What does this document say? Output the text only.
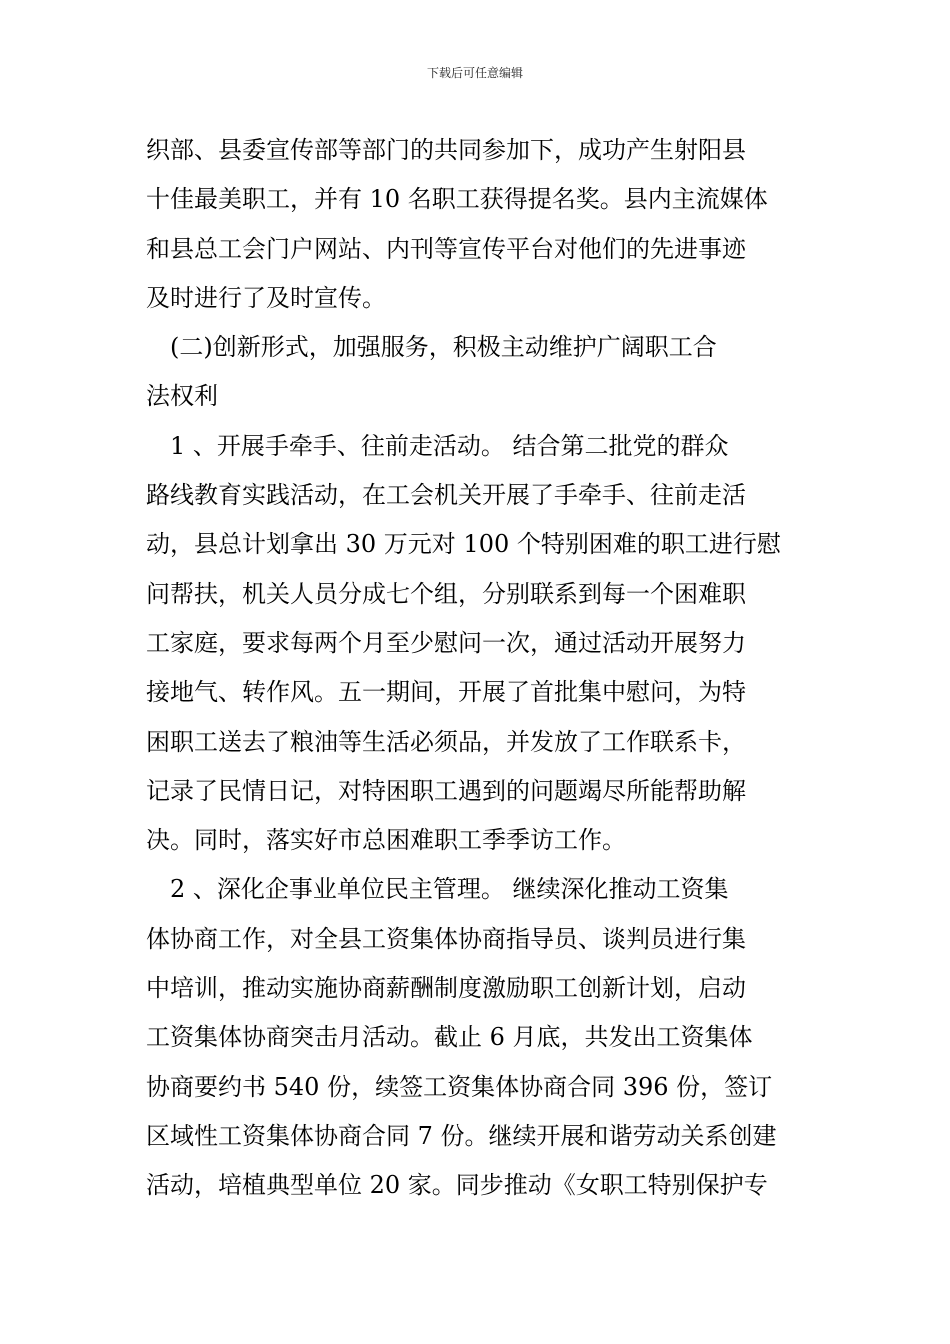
下载后可任意编辑
织部、县委宣传部等部门的共同参加下，成功产生射阳县
十佳最美职工，并有 10 名职工获得提名奖。县内主流媒体
和县总工会门户网站、内刊等宣传平台对他们的先进事迹
及时进行了及时宣传。
　(二)创新形式，加强服务，积极主动维护广阔职工合
法权利
　1 、开展手牵手、往前走活动。 结合第二批党的群众
路线教育实践活动，在工会机关开展了手牵手、往前走活
动，县总计划拿出 30 万元对 100 个特别困难的职工进行慰
问帮扶，机关人员分成七个组，分别联系到每一个困难职
工家庭，要求每两个月至少慰问一次，通过活动开展努力
接地气、转作风。五一期间，开展了首批集中慰问，为特
困职工送去了粮油等生活必须品，并发放了工作联系卡，
记录了民情日记，对特困职工遇到的问题竭尽所能帮助解
决。同时，落实好市总困难职工季季访工作。
　2 、深化企事业单位民主管理。 继续深化推动工资集
体协商工作，对全县工资集体协商指导员、谈判员进行集
中培训，推动实施协商薪酬制度激励职工创新计划，启动
工资集体协商突击月活动。截止 6 月底，共发出工资集体
协商要约书 540 份，续签工资集体协商合同 396 份，签订
区域性工资集体协商合同 7 份。继续开展和谐劳动关系创建
活动，培植典型单位 20 家。同步推动《女职工特别保护专
